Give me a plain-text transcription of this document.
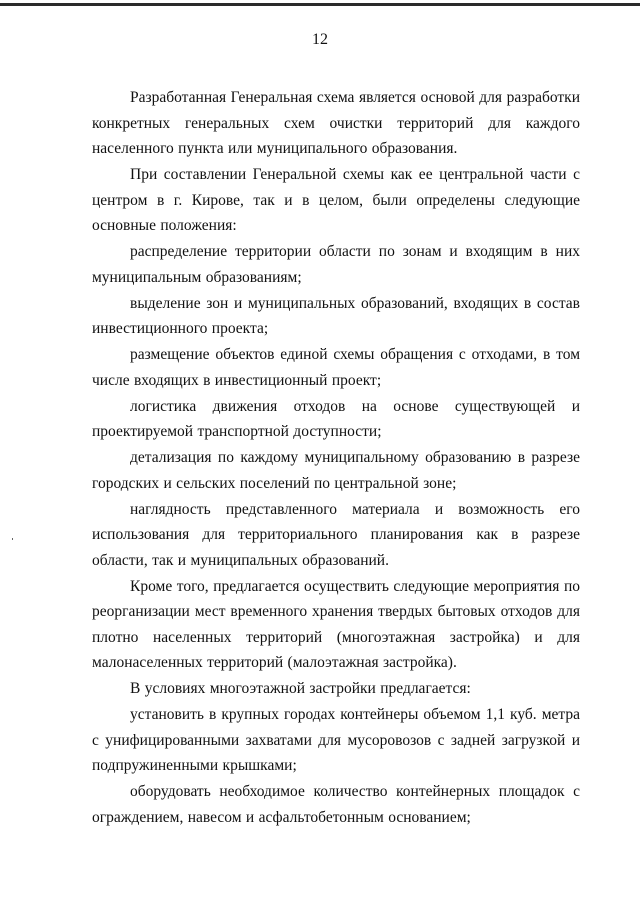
12

Разработанная Генеральная схема является основой для разработки конкретных генеральных схем очистки территорий для каждого населенного пункта или муниципального образования.

При составлении Генеральной схемы как ее центральной части с центром в г. Кирове, так и в целом, были определены следующие основные положения:

распределение территории области по зонам и входящим в них муниципальным образованиям;

выделение зон и муниципальных образований, входящих в состав инвестиционного проекта;

размещение объектов единой схемы обращения с отходами, в том числе входящих в инвестиционный проект;

логистика движения отходов на основе существующей и проектируемой транспортной доступности;

детализация по каждому муниципальному образованию в разрезе городских и сельских поселений по центральной зоне;

наглядность представленного материала и возможность его использования для территориального планирования как в разрезе области, так и муниципальных образований.

Кроме того, предлагается осуществить следующие мероприятия по реорганизации мест временного хранения твердых бытовых отходов для плотно населенных территорий (многоэтажная застройка) и для малонаселенных территорий (малоэтажная застройка).

В условиях многоэтажной застройки предлагается:

установить в крупных городах контейнеры объемом 1,1 куб. метра с унифицированными захватами для мусоровозов с задней загрузкой и подпружиненными крышками;

оборудовать необходимое количество контейнерных площадок с ограждением, навесом и асфальтобетонным основанием;
